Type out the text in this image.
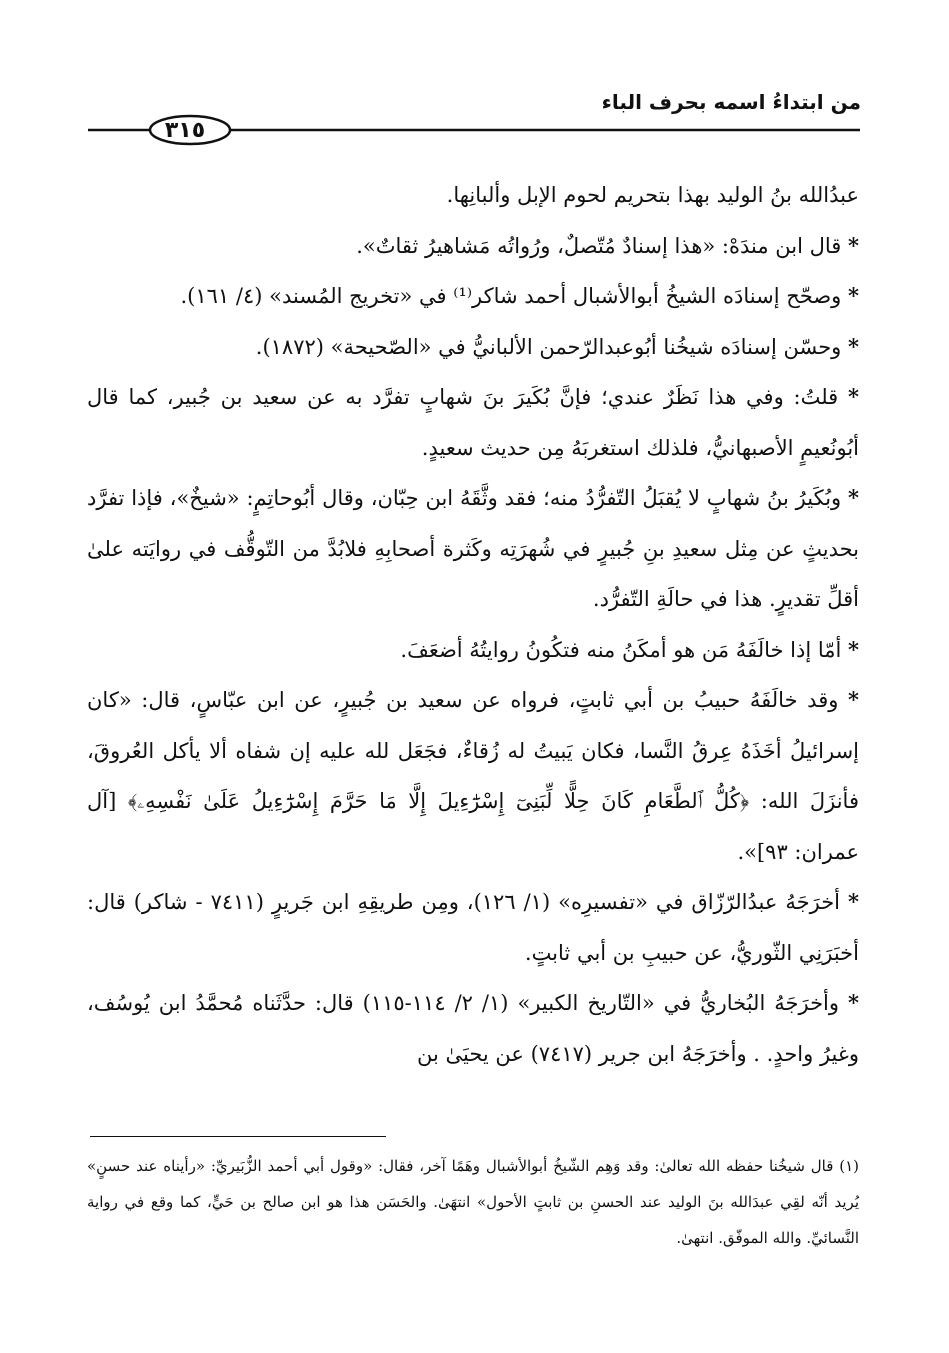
من ابتداءُ اسمه بحرف الباء
٣١٥

عبدُالله بنُ الوليد بهذا بتحريم لحوم الإبل وألبانِها.

* قال ابن مندَهْ: «هذا إسنادٌ مُتّصلٌ، ورُواتُه مَشاهيرُ ثقاتٌ».

* وصحّح إسنادَه الشيخُ أبوالأشبال أحمد شاكر⁽¹⁾ في «تخريج المُسند» (٤/ ١٦١).

* وحسّن إسنادَه شيخُنا أبُوعبدالرّحمن الألبانيُّ في «الصّحيحة» (١٨٧٢).

* قلتُ: وفي هذا نَظَرٌ عندي؛ فإنَّ بُكَيرَ بنَ شهابٍ تفرَّد به عن سعيد بن جُبير، كما قال أبُونُعيمٍ الأصبهانيُّ، فلذلك استغربَهُ مِن حديث سعيدٍ.

* وبُكَيرُ بنُ شهابٍ لا يُقبَلُ التّفرُّدُ منه؛ فقد وثَّقَهُ ابن حِبّان، وقال أبُوحاتِمٍ: «شيخٌ»، فإذا تفرَّد بحديثٍ عن مِثل سعيدِ بنِ جُبيرٍ في شُهرَتِه وكَثرة أصحابِهِ فلابُدَّ من التّوقُّف في روايَته علىٰ أقلِّ تقديرٍ. هذا في حالَةِ التّفرُّد.

* أمّا إذا خالَفَهُ مَن هو أمكَنُ منه فتكُونُ روايتُهُ أضعَفَ.

* وقد خالَفَهُ حبيبُ بن أبي ثابتٍ، فرواه عن سعيد بن جُبيرٍ، عن ابن عبّاسٍ، قال: «كان إسرائيلُ أخَذَهُ عِرقُ النَّسا، فكان يَبيتُ له زُقاءٌ، فجَعَل لله عليه إن شفاه ألا يأكل العُروقَ، فأنزَلَ الله: ﴿كُلُّ ٱلطَّعَامِ كَانَ حِلًّا لِّبَنِىٓ إِسْرَٰٓءِيلَ إِلَّا مَا حَرَّمَ إِسْرَٰٓءِيلُ عَلَىٰ نَفْسِهِۦ﴾ [آل عمران: ٩٣]».

* أخرَجَهُ عبدُالرّزّاق في «تفسيرِه» (١/ ١٢٦)، ومِن طريقِهِ ابن جَريرٍ (٧٤١١ - شاكر) قال: أخبَرَنِي الثّوريُّ، عن حبيبِ بن أبي ثابتٍ.

* وأخرَجَهُ البُخاريُّ في «التّاريخ الكبير» (١/ ٢/ ١١٤-١١٥) قال: حدَّثَناه مُحمَّدُ ابن يُوسُف، وغيرُ واحدٍ. . وأخرَجَهُ ابن جرير (٧٤١٧) عن يحيَىٰ بن

(١) قال شيخُنا حفظه الله تعالىٰ: وقد وَهِم الشّيخُ أبوالأشبال وهَمًا آخر، فقال: «وقول أبي أحمد الزُّبَيريِّ: «رأيناه عند حسنٍ» يُريد أنّه لقِي عبدَالله بنَ الوليد عند الحسنِ بن ثابتٍ الأحول» انتهَىٰ. والحَسَن هذا هو ابن صالح بن حَيٍّ، كما وقع في رواية النَّسائيِّ. والله الموفّق. انتهىٰ.
